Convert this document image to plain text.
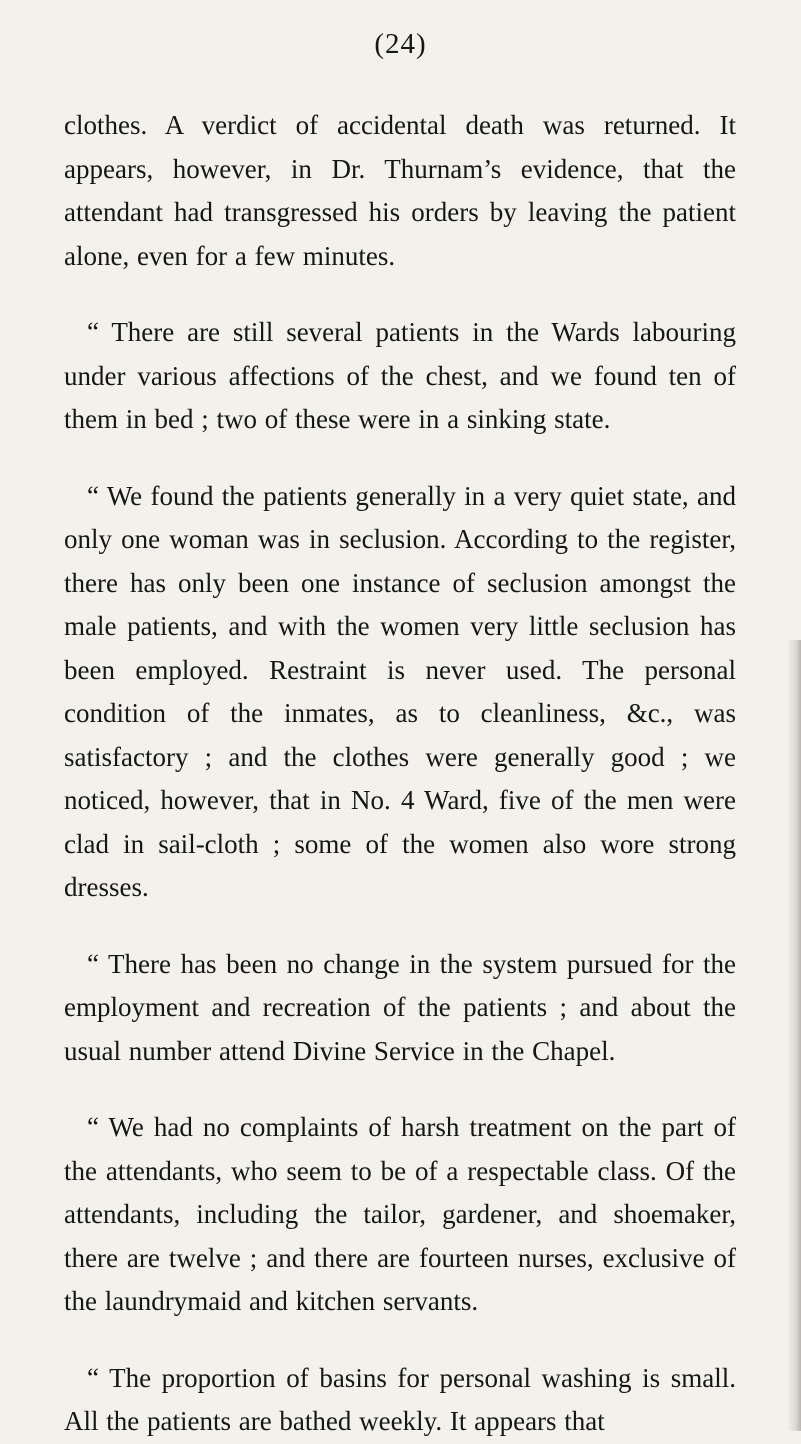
(24)

clothes. A verdict of accidental death was returned. It appears, however, in Dr. Thurnam’s evidence, that the attendant had transgressed his orders by leaving the patient alone, even for a few minutes.

“ There are still several patients in the Wards labouring under various affections of the chest, and we found ten of them in bed ; two of these were in a sinking state.

“ We found the patients generally in a very quiet state, and only one woman was in seclusion. According to the register, there has only been one instance of seclusion amongst the male patients, and with the women very little seclusion has been employed. Restraint is never used. The personal condition of the inmates, as to cleanliness, &c., was satisfactory ; and the clothes were generally good ; we noticed, however, that in No. 4 Ward, five of the men were clad in sail-cloth ; some of the women also wore strong dresses.

“ There has been no change in the system pursued for the employment and recreation of the patients ; and about the usual number attend Divine Service in the Chapel.

“ We had no complaints of harsh treatment on the part of the attendants, who seem to be of a respectable class. Of the attendants, including the tailor, gardener, and shoemaker, there are twelve ; and there are fourteen nurses, exclusive of the laundrymaid and kitchen servants.

“ The proportion of basins for personal washing is small. All the patients are bathed weekly. It appears that
